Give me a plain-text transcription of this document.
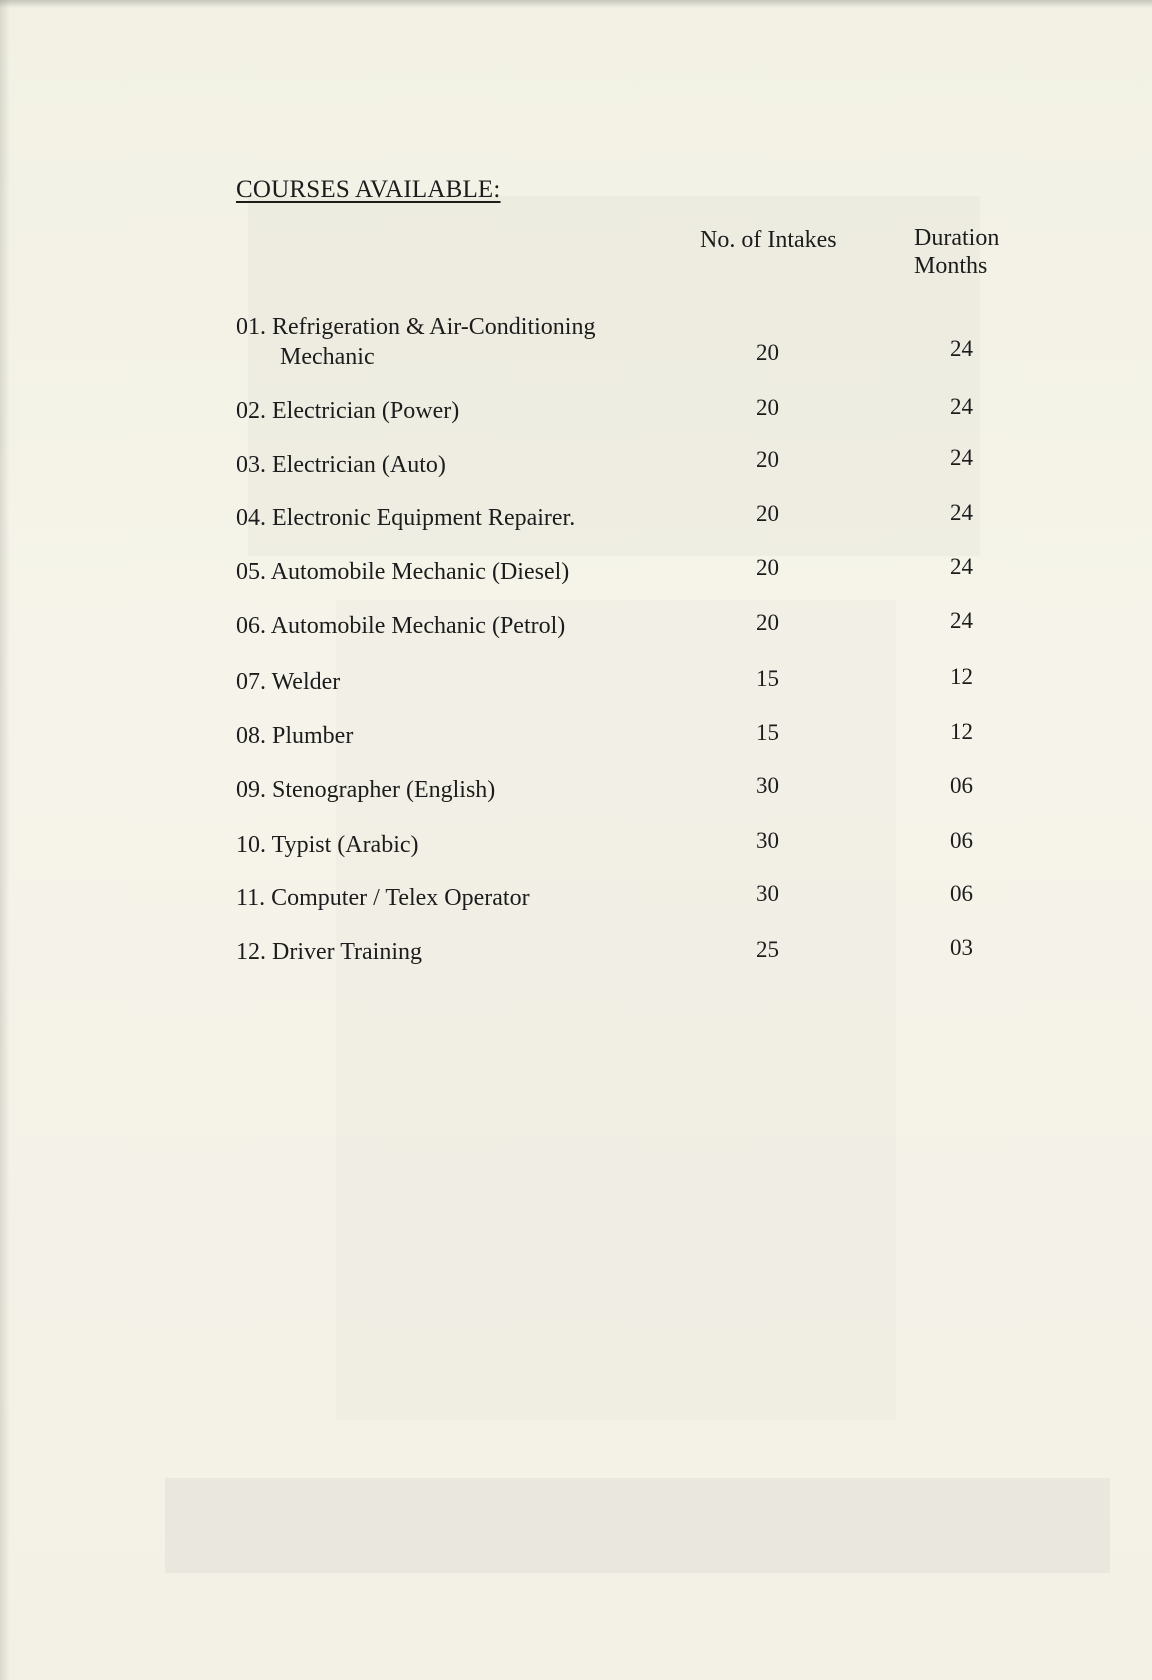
COURSES AVAILABLE:
No. of Intakes	Duration
Months
01. Refrigeration & Air-Conditioning
Mechanic	20	24
02. Electrician (Power)	20	24
03. Electrician (Auto)	20	24
04. Electronic Equipment Repairer.	20	24
05. Automobile Mechanic (Diesel)	20	24
06. Automobile Mechanic (Petrol)	20	24
07. Welder	15	12
08. Plumber	15	12
09. Stenographer (English)	30	06
10. Typist (Arabic)	30	06
11. Computer / Telex Operator	30	06
12. Driver Training	25	03
